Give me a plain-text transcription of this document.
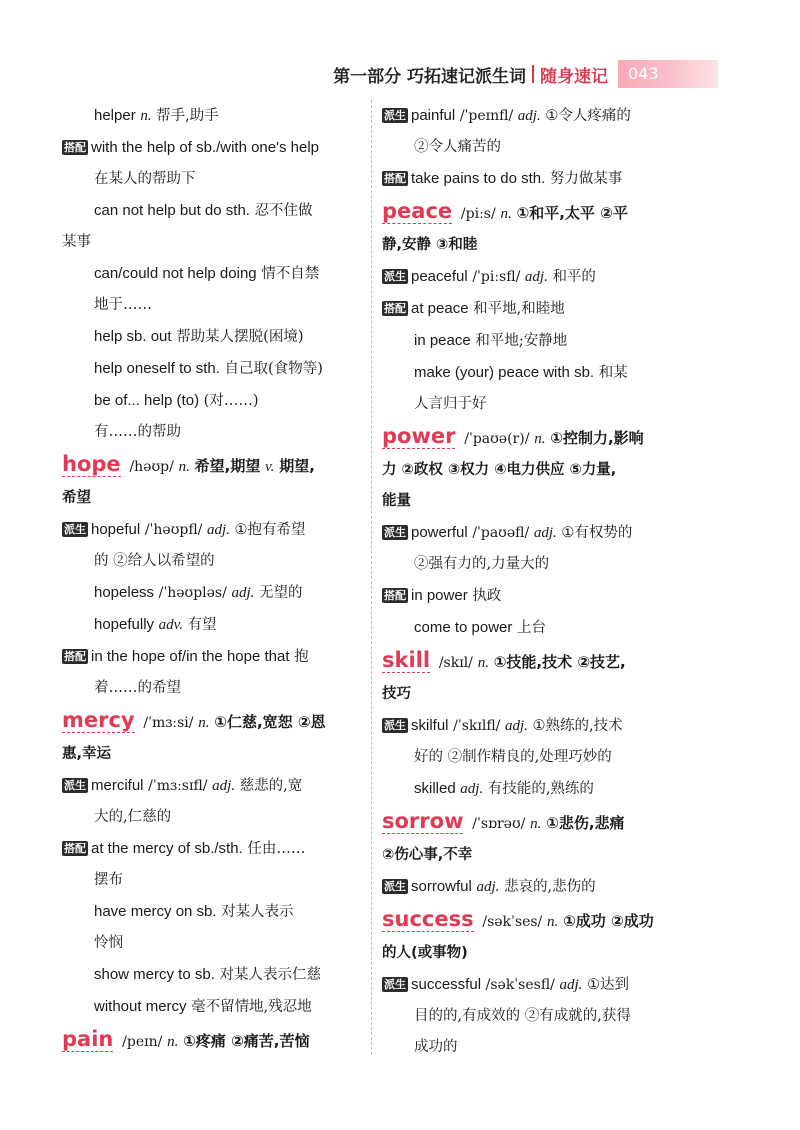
第一部分 巧拓速记派生词 随身速记	043
helper n. 帮手,助手
搭配 with the help of sb./with one's help
在某人的帮助下
can not help but do sth. 忍不住做
某事
can/could not help doing 情不自禁
地于……
help sb. out 帮助某人摆脱(困境)
help oneself to sth. 自己取(食物等)
be of... help (to) (对……)
有……的帮助
hope /həʊp/ n. 希望,期望 v. 期望,
希望
派生 hopeful /ˈhəʊpfl/ adj. ①抱有希望
的 ②给人以希望的
hopeless /ˈhəʊpləs/ adj. 无望的
hopefully adv. 有望
搭配 in the hope of/in the hope that 抱
着……的希望
mercy /ˈmɜːsi/ n. ①仁慈,宽恕 ②恩
惠,幸运
派生 merciful /ˈmɜːsɪfl/ adj. 慈悲的,宽
大的,仁慈的
搭配 at the mercy of sb./sth. 任由……
摆布
have mercy on sb. 对某人表示
怜悯
show mercy to sb. 对某人表示仁慈
without mercy 毫不留情地,残忍地
pain /peɪn/ n. ①疼痛 ②痛苦,苦恼
派生 painful /ˈpeɪnfl/ adj. ①令人疼痛的
②令人痛苦的
搭配 take pains to do sth. 努力做某事
peace /piːs/ n. ①和平,太平 ②平
静,安静 ③和睦
派生 peaceful /ˈpiːsfl/ adj. 和平的
搭配 at peace 和平地,和睦地
in peace 和平地;安静地
make (your) peace with sb. 和某
人言归于好
power /ˈpaʊə(r)/ n. ①控制力,影响
力 ②政权 ③权力 ④电力供应 ⑤力量,
能量
派生 powerful /ˈpaʊəfl/ adj. ①有权势的
②强有力的,力量大的
搭配 in power 执政
come to power 上台
skill /skɪl/ n. ①技能,技术 ②技艺,
技巧
派生 skilful /ˈskɪlfl/ adj. ①熟练的,技术
好的 ②制作精良的,处理巧妙的
skilled adj. 有技能的,熟练的
sorrow /ˈsɒrəʊ/ n. ①悲伤,悲痛
②伤心事,不幸
派生 sorrowful adj. 悲哀的,悲伤的
success /səkˈses/ n. ①成功 ②成功
的人(或事物)
派生 successful /səkˈsesfl/ adj. ①达到
目的的,有成效的 ②有成就的,获得
成功的
